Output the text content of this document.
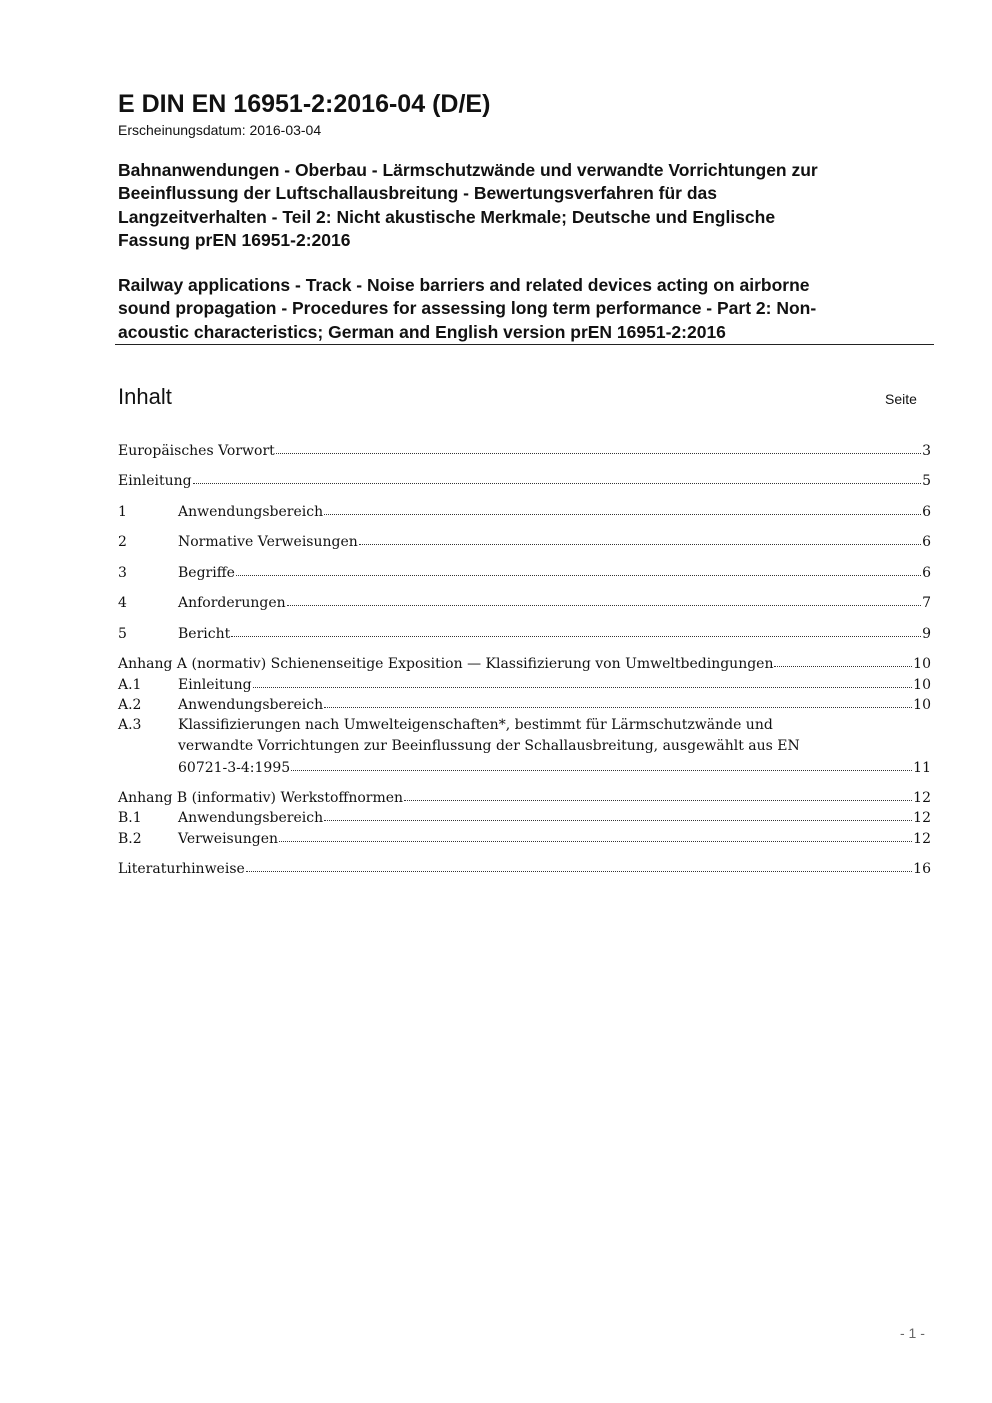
E DIN EN 16951-2:2016-04 (D/E)
Erscheinungsdatum: 2016-03-04
Bahnanwendungen - Oberbau - Lärmschutzwände und verwandte Vorrichtungen zur
Beeinflussung der Luftschallausbreitung - Bewertungsverfahren für das
Langzeitverhalten - Teil 2: Nicht akustische Merkmale; Deutsche und Englische
Fassung prEN 16951-2:2016
Railway applications - Track - Noise barriers and related devices acting on airborne
sound propagation - Procedures for assessing long term performance - Part 2: Non-
acoustic characteristics; German and English version prEN 16951-2:2016
Inhalt	Seite
Europäisches Vorwort	3
Einleitung	5
1	Anwendungsbereich	6
2	Normative Verweisungen	6
3	Begriffe	6
4	Anforderungen	7
5	Bericht	9
Anhang A (normativ) Schienenseitige Exposition — Klassifizierung von Umweltbedingungen	10
A.1	Einleitung	10
A.2	Anwendungsbereich	10
A.3	Klassifizierungen nach Umwelteigenschaften*, bestimmt für Lärmschutzwände und
verwandte Vorrichtungen zur Beeinflussung der Schallausbreitung, ausgewählt aus EN
60721-3-4:1995	11
Anhang B (informativ) Werkstoffnormen	12
B.1	Anwendungsbereich	12
B.2	Verweisungen	12
Literaturhinweise	16
- 1 -
